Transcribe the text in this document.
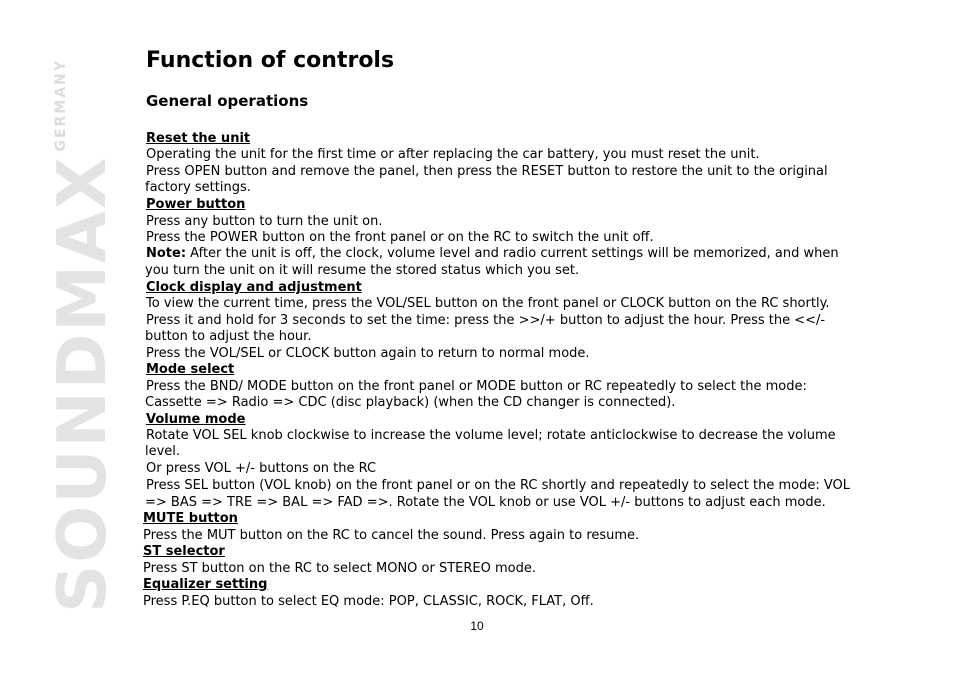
SOUNDMAX
GERMANY	Function of controls
General operations
Reset the unit
Operating the unit for the first time or after replacing the car battery, you must reset the unit.
Press OPEN button and remove the panel, then press the RESET button to restore the unit to the original
factory settings.
Power button
Press any button to turn the unit on.
Press the POWER button on the front panel or on the RC to switch the unit off.
Note: After the unit is off, the clock, volume level and radio current settings will be memorized, and when
you turn the unit on it will resume the stored status which you set.
Clock display and adjustment
To view the current time, press the VOL/SEL button on the front panel or CLOCK button on the RC shortly.
Press it and hold for 3 seconds to set the time: press the >>/+ button to adjust the hour. Press the <</-
button to adjust the hour.
Press the VOL/SEL or CLOCK button again to return to normal mode.
Mode select
Press the BND/ MODE button on the front panel or MODE button or RC repeatedly to select the mode:
Cassette => Radio => CDC (disc playback) (when the CD changer is connected).
Volume mode
Rotate VOL SEL knob clockwise to increase the volume level; rotate anticlockwise to decrease the volume
level.
Or press VOL +/- buttons on the RC
Press SEL button (VOL knob) on the front panel or on the RC shortly and repeatedly to select the mode: VOL
=> BAS => TRE => BAL => FAD =>. Rotate the VOL knob or use VOL +/- buttons to adjust each mode.
MUTE button
Press the MUT button on the RC to cancel the sound. Press again to resume.
ST selector
Press ST button on the RC to select MONO or STEREO mode.
Equalizer setting
Press P.EQ button to select EQ mode: POP, CLASSIC, ROCK, FLAT, Off.
10
